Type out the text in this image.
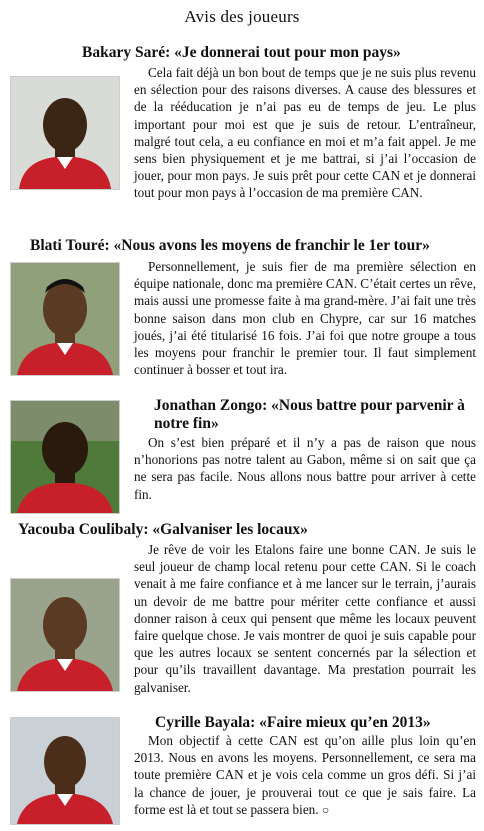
Avis des joueurs
Bakary Saré: «Je donnerai tout pour mon pays»
Cela fait déjà un bon bout de temps que je ne suis plus revenu en sélection pour des raisons diverses. A cause des blessures et de la rééducation je n’ai pas eu de temps de jeu. Le plus important pour moi est que je suis de retour. L’entraîneur, malgré tout cela, a eu confiance en moi et m’a fait appel. Je me sens bien physiquement et je me battrai, si j’ai l’occasion de jouer, pour mon pays. Je suis prêt pour cette CAN et je donnerai tout pour mon pays à l’occasion de ma première CAN.
Blati Touré: «Nous avons les moyens de franchir le 1er tour»
Personnellement, je suis fier de ma première sélection en équipe nationale, donc ma première CAN. C’était certes un rêve, mais aussi une promesse faite à ma grand-mère. J’ai fait une très bonne saison dans mon club en Chypre, car sur 16 matches joués, j’ai été titularisé 16 fois. J’ai foi que notre groupe a tous les moyens pour franchir le premier tour. Il faut simplement continuer à bosser et tout ira.
Jonathan Zongo: «Nous battre pour parvenir à notre fin»
On s’est bien préparé et il n’y a pas de raison que nous n’honorions pas notre talent au Gabon, même si on sait que ça ne sera pas facile. Nous allons nous battre pour arriver à cette fin.
Yacouba Coulibaly: «Galvaniser les locaux»
Je rêve de voir les Etalons faire une bonne CAN. Je suis le seul joueur de champ local retenu pour cette CAN. Si le coach venait à me faire confiance et à me lancer sur le terrain, j’aurais un devoir de me battre pour mériter cette confiance et aussi donner raison à ceux qui pensent que même les locaux peuvent faire quelque chose. Je vais montrer de quoi je suis capable pour que les autres locaux se sentent concernés par la sélection et pour qu’ils travaillent davantage. Ma prestation pourrait les galvaniser.
Cyrille Bayala: «Faire mieux qu’en 2013»
Mon objectif à cette CAN est qu’on aille plus loin qu’en 2013. Nous en avons les moyens. Personnellement, ce sera ma toute première CAN et je vois cela comme un gros défi. Si j’ai la chance de jouer, je prouverai tout ce que je sais faire. La forme est là et tout se passera bien. ○
